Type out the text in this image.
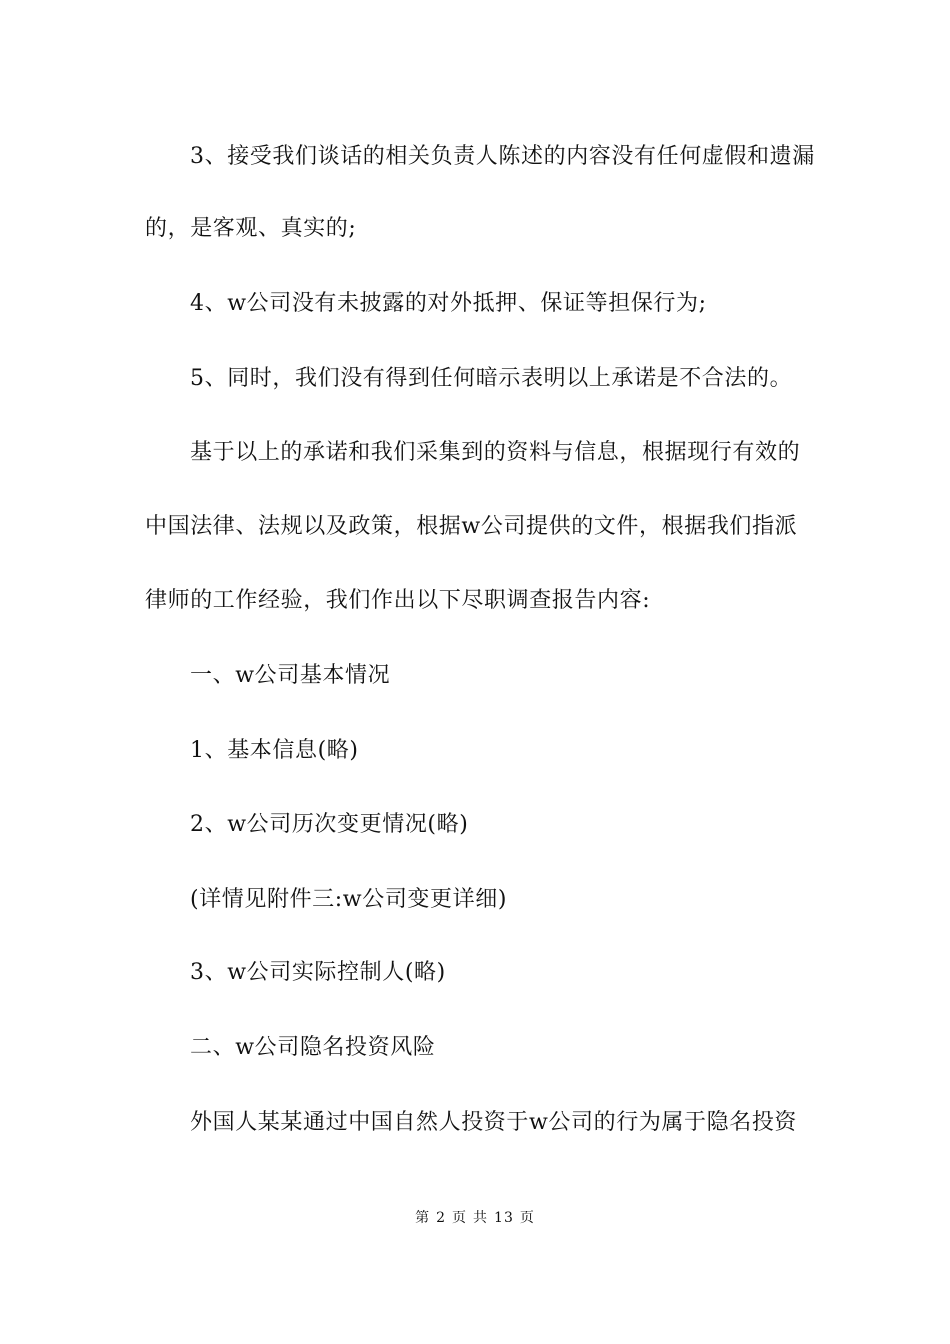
3、接受我们谈话的相关负责人陈述的内容没有任何虚假和遗漏
的，是客观、真实的;
4、w公司没有未披露的对外抵押、保证等担保行为;
5、同时，我们没有得到任何暗示表明以上承诺是不合法的。
基于以上的承诺和我们采集到的资料与信息，根据现行有效的
中国法律、法规以及政策，根据w公司提供的文件，根据我们指派
律师的工作经验，我们作出以下尽职调查报告内容:
一、w公司基本情况
1、基本信息(略)
2、w公司历次变更情况(略)
(详情见附件三:w公司变更详细)
3、w公司实际控制人(略)
二、w公司隐名投资风险
外国人某某通过中国自然人投资于w公司的行为属于隐名投资
第 2 页 共 13 页
